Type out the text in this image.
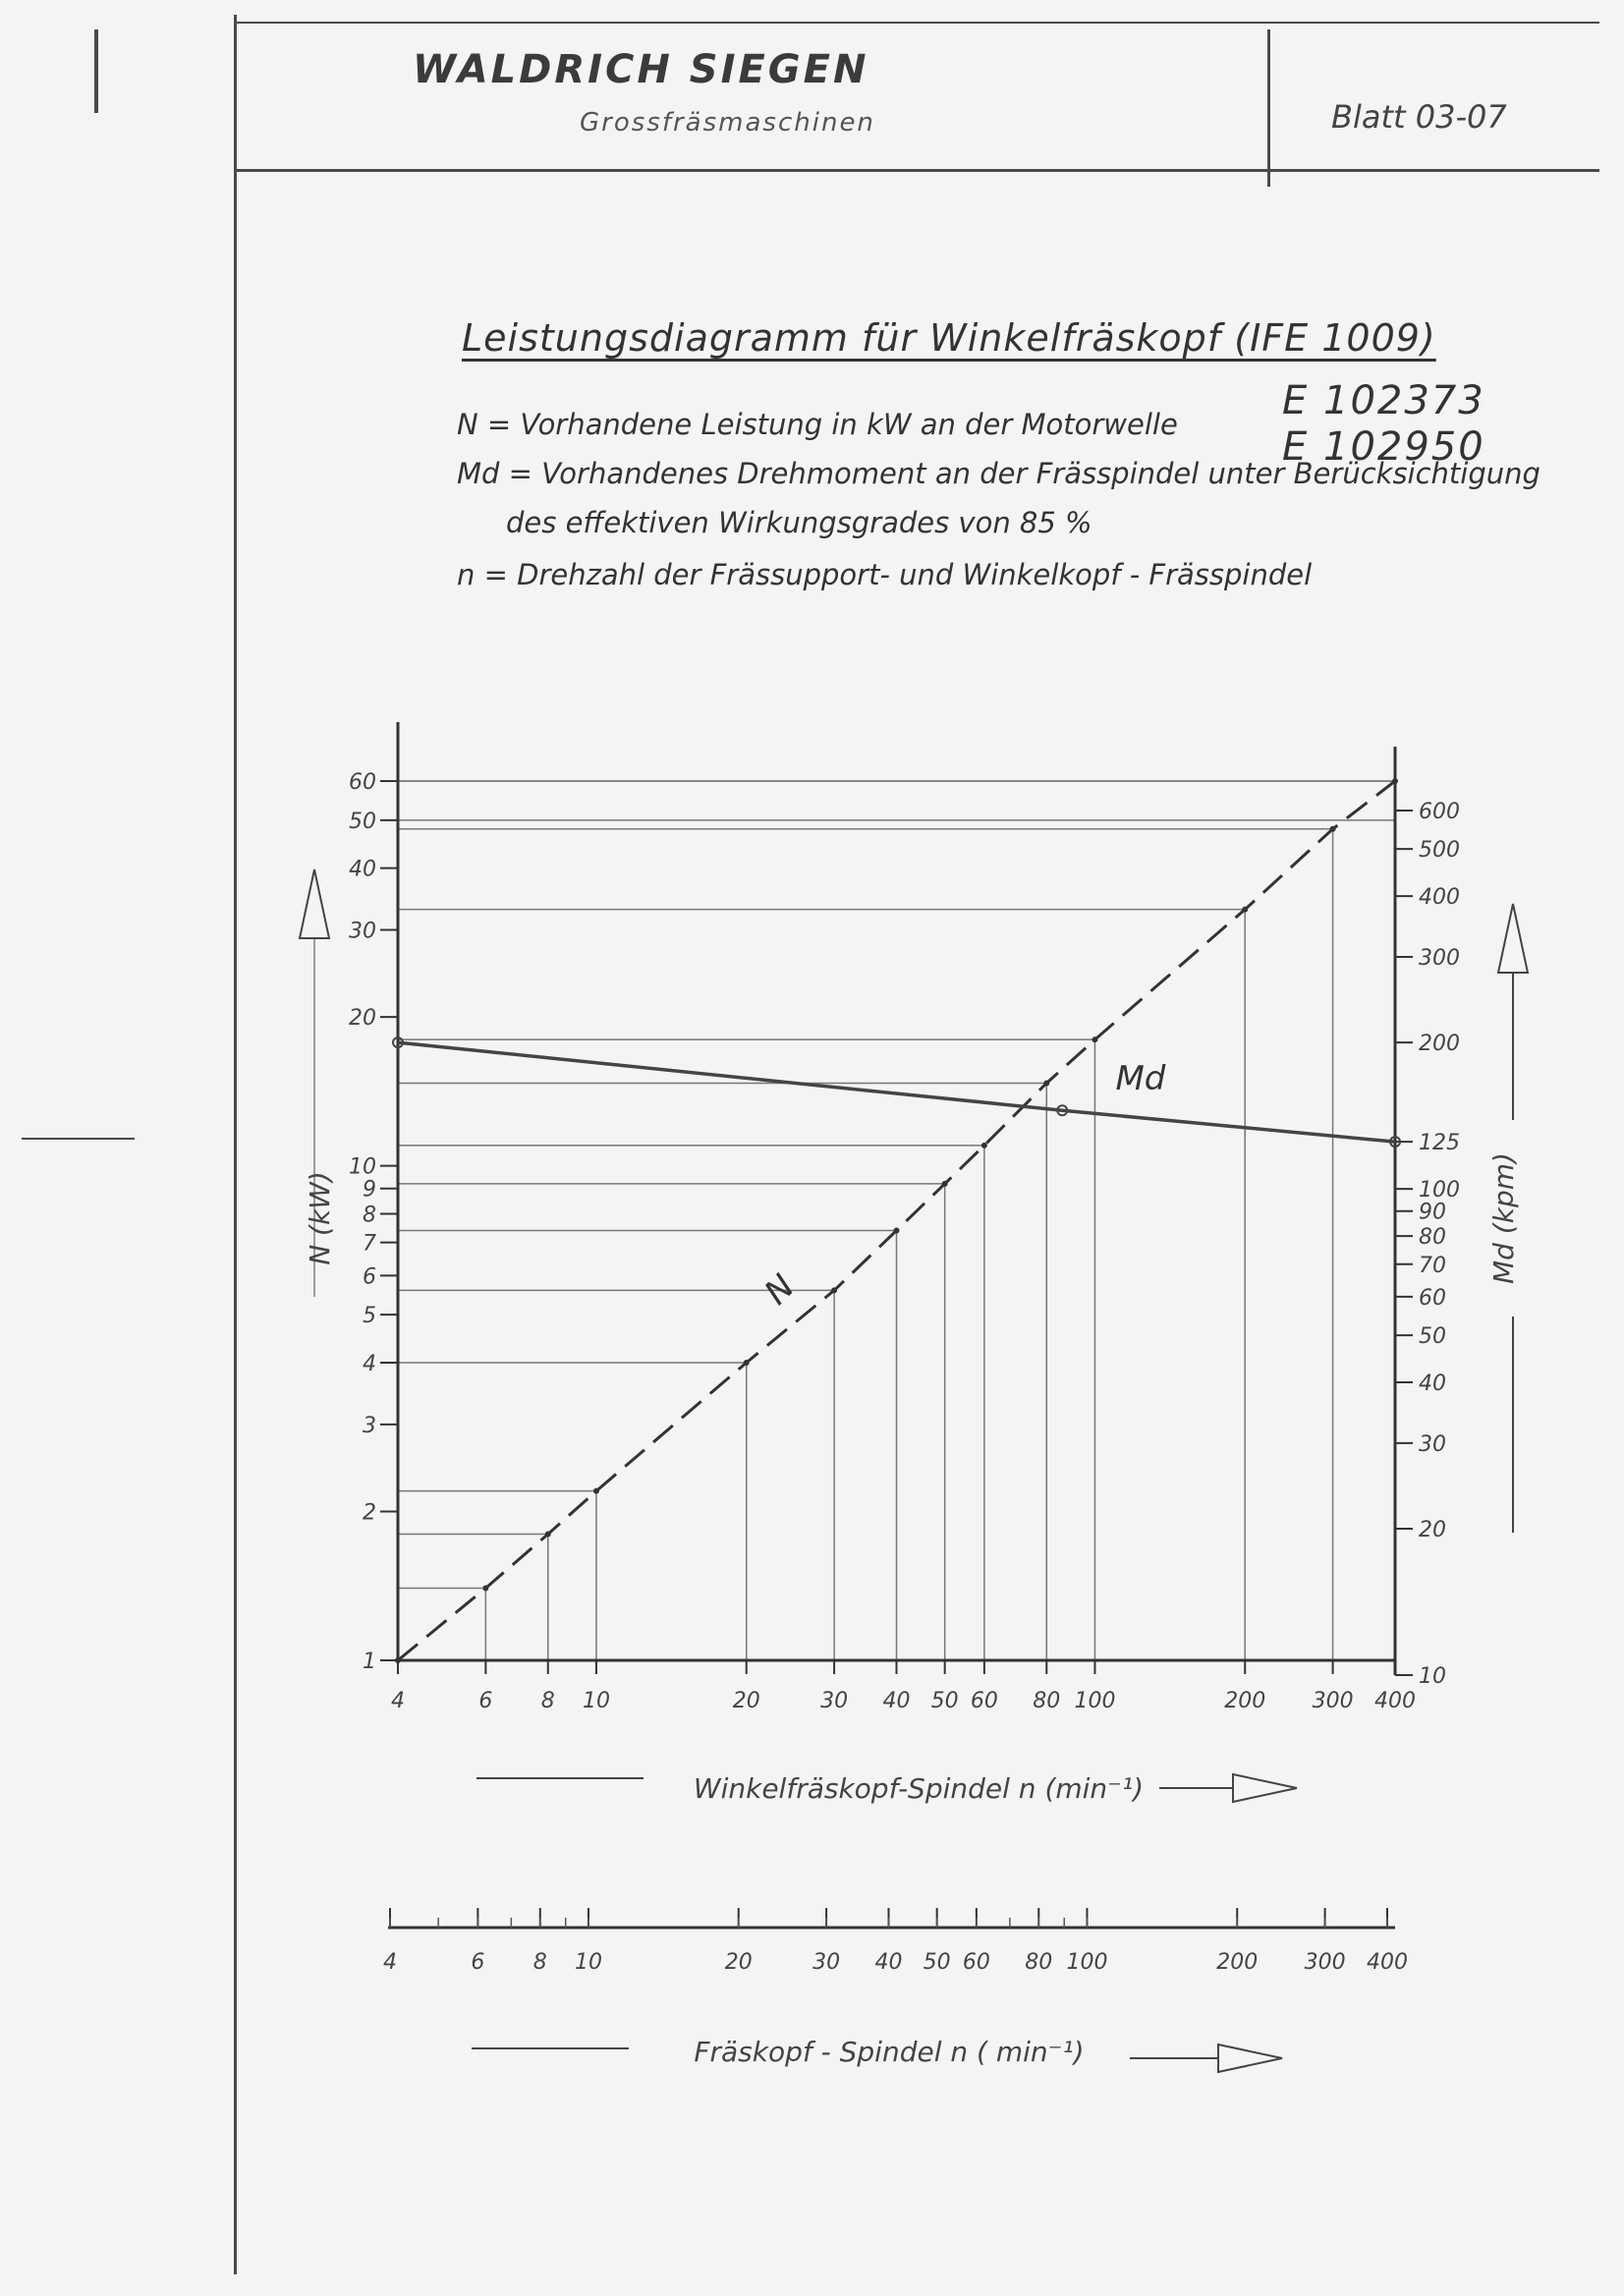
WALDRICH SIEGEN
Grossfräsmaschinen	Blatt 03-07
Leistungsdiagramm für Winkelfräskopf (IFE 1009)
N = Vorhandene Leistung in kW an der Motorwelle
Md = Vorhandenes Drehmoment an der Frässpindel unter Berücksichtigung
des effektiven Wirkungsgrades von 85 %
n = Drehzahl der Frässupport- und Winkelkopf - Frässpindel
E 102373
E 102950
1
2
3
4
5
6
7
8
9
10
20
30
40
50
60
10
20
30
40
50
60
70
80
90
100
125
200
300
400
500
600
4	6 8 10	20	30 40 50 60 80 100	200 300 400
N
Md
N (kW)	Md (kpm)
Winkelfräskopf-Spindel n (min⁻¹)
4	6 8 10	20	30 40 50 60 80 100	200 300 400
Fräskopf - Spindel n ( min⁻¹)
